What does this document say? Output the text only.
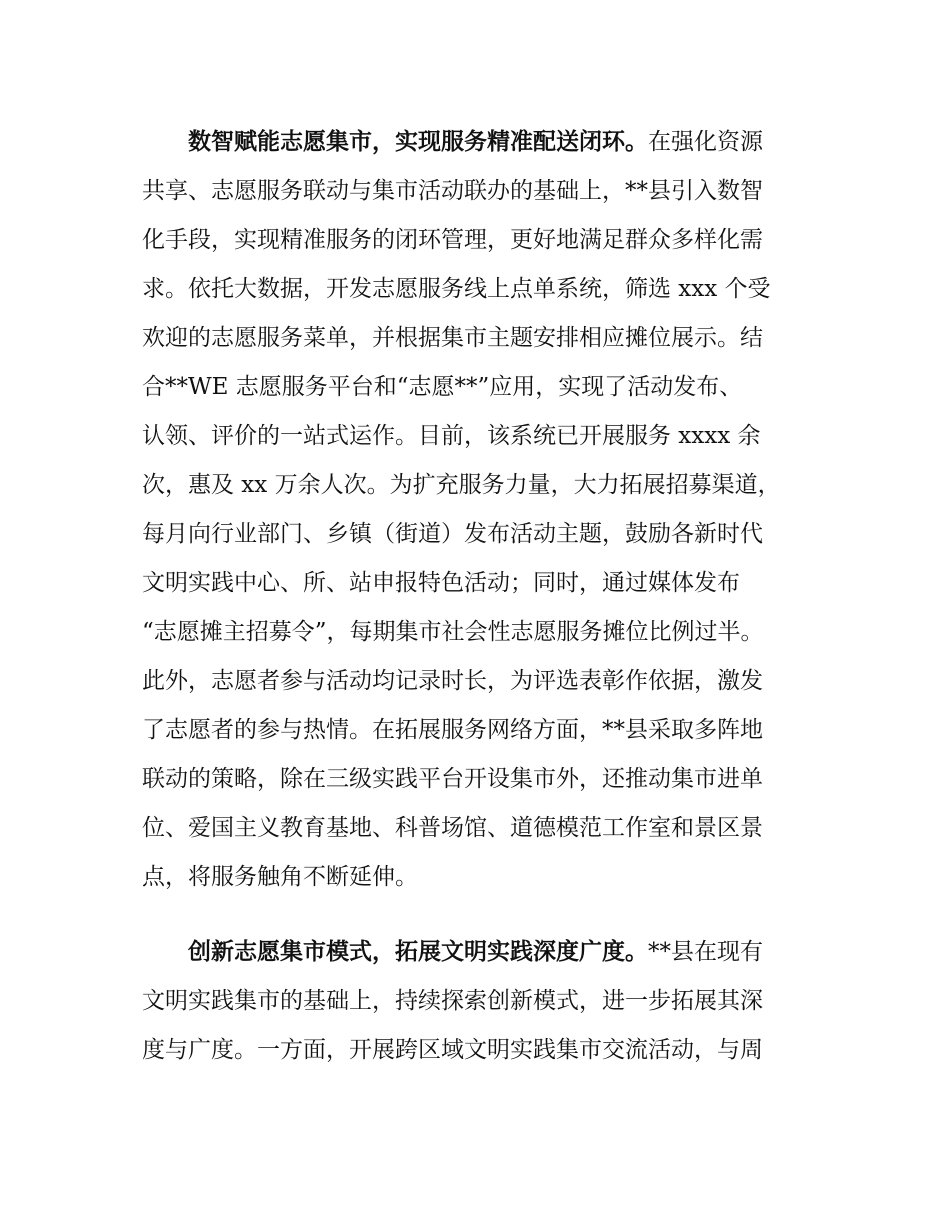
数智赋能志愿集市，实现服务精准配送闭环。在强化资源
共享、志愿服务联动与集市活动联办的基础上，**县引入数智
化手段，实现精准服务的闭环管理，更好地满足群众多样化需
求。依托大数据，开发志愿服务线上点单系统，筛选 xxx 个受
欢迎的志愿服务菜单，并根据集市主题安排相应摊位展示。结
合**WE 志愿服务平台和“志愿**”应用，实现了活动发布、
认领、评价的一站式运作。目前，该系统已开展服务 xxxx 余
次，惠及 xx 万余人次。为扩充服务力量，大力拓展招募渠道，
每月向行业部门、乡镇（街道）发布活动主题，鼓励各新时代
文明实践中心、所、站申报特色活动；同时，通过媒体发布
“志愿摊主招募令”，每期集市社会性志愿服务摊位比例过半。
此外，志愿者参与活动均记录时长，为评选表彰作依据，激发
了志愿者的参与热情。在拓展服务网络方面，**县采取多阵地
联动的策略，除在三级实践平台开设集市外，还推动集市进单
位、爱国主义教育基地、科普场馆、道德模范工作室和景区景
点，将服务触角不断延伸。
创新志愿集市模式，拓展文明实践深度广度。**县在现有
文明实践集市的基础上，持续探索创新模式，进一步拓展其深
度与广度。一方面，开展跨区域文明实践集市交流活动，与周
